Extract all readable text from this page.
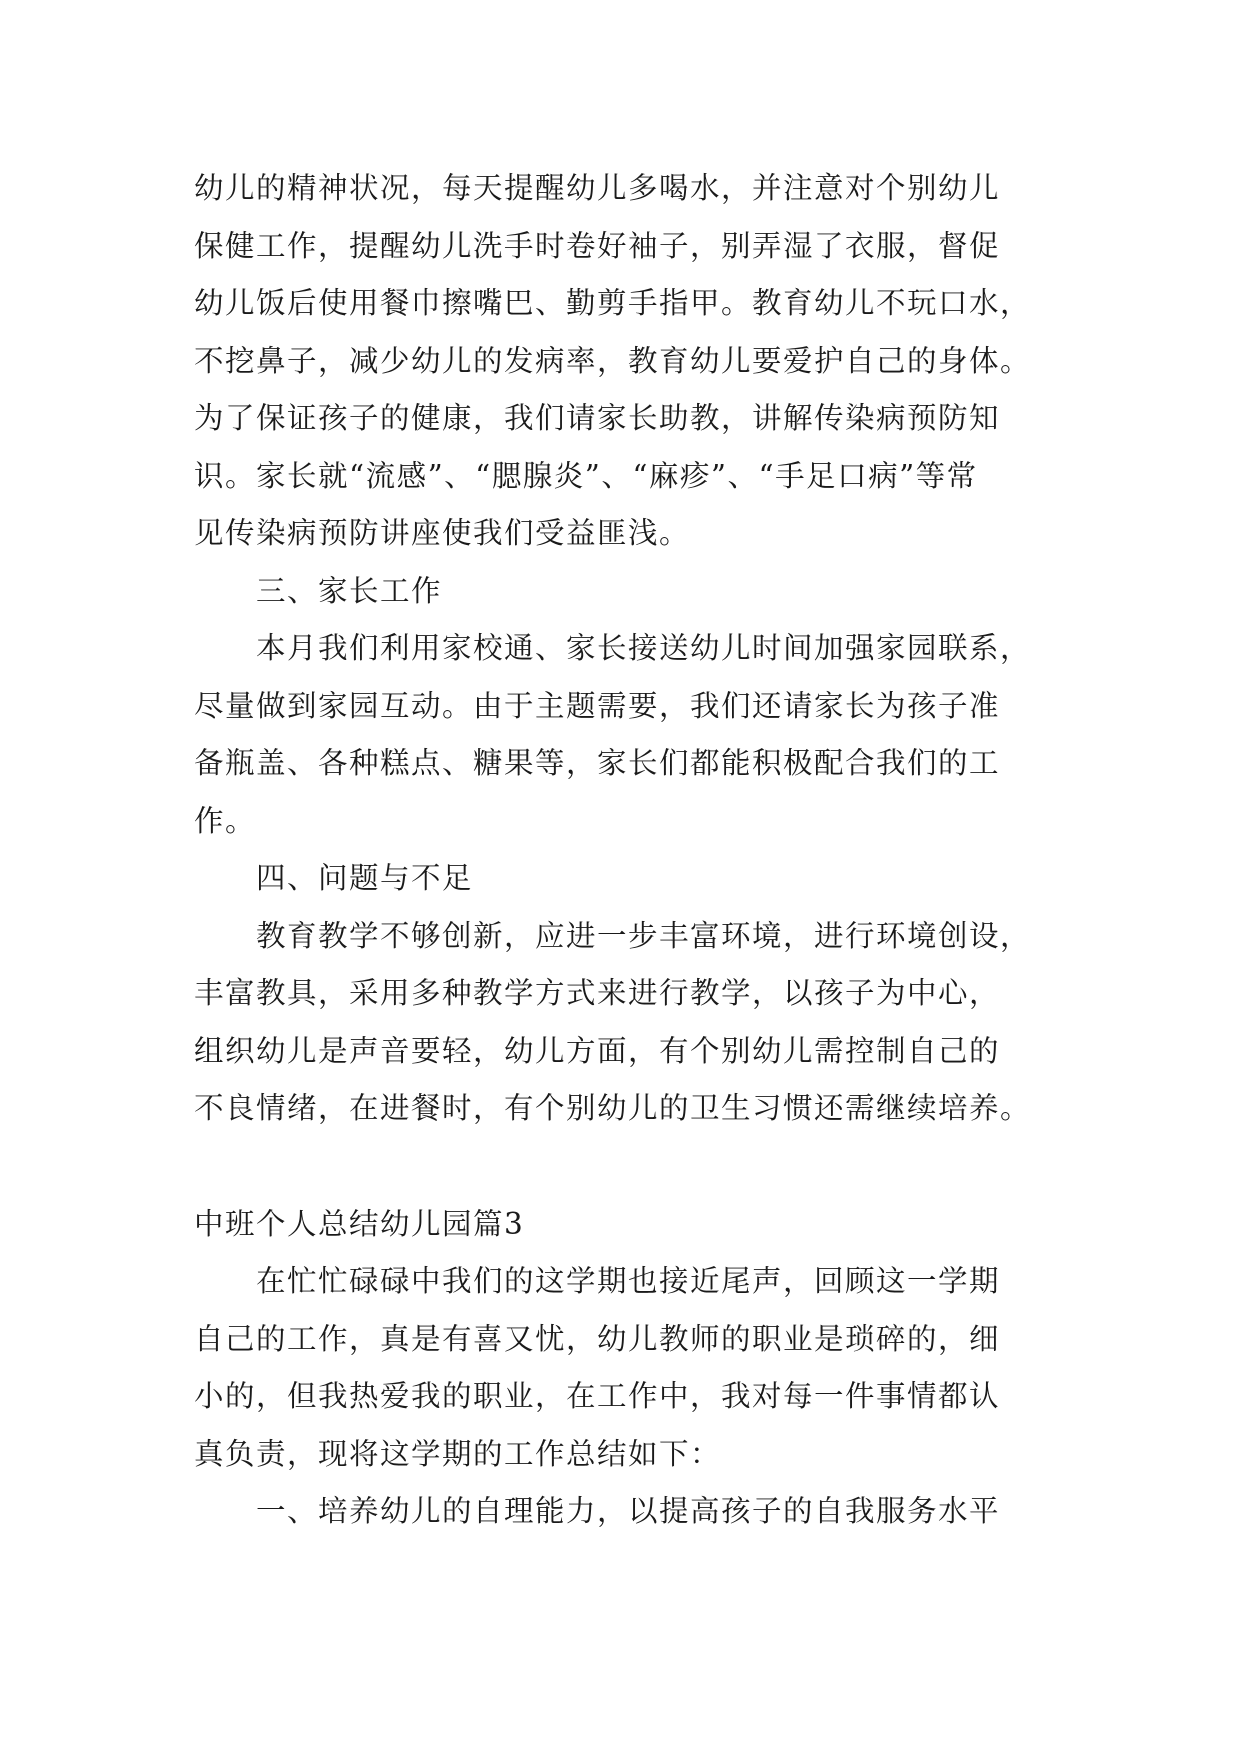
幼儿的精神状况，每天提醒幼儿多喝水，并注意对个别幼儿
保健工作，提醒幼儿洗手时卷好袖子，别弄湿了衣服，督促
幼儿饭后使用餐巾擦嘴巴、勤剪手指甲。教育幼儿不玩口水，
不挖鼻子，减少幼儿的发病率，教育幼儿要爱护自己的身体。
为了保证孩子的健康，我们请家长助教，讲解传染病预防知
识。家长就“流感”、“腮腺炎”、“麻疹”、“手足口病”等常
见传染病预防讲座使我们受益匪浅。
三、家长工作
本月我们利用家校通、家长接送幼儿时间加强家园联系，
尽量做到家园互动。由于主题需要，我们还请家长为孩子准
备瓶盖、各种糕点、糖果等，家长们都能积极配合我们的工
作。
四、问题与不足
教育教学不够创新，应进一步丰富环境，进行环境创设，
丰富教具，采用多种教学方式来进行教学，以孩子为中心，
组织幼儿是声音要轻，幼儿方面，有个别幼儿需控制自己的
不良情绪，在进餐时，有个别幼儿的卫生习惯还需继续培养。
中班个人总结幼儿园篇3
在忙忙碌碌中我们的这学期也接近尾声，回顾这一学期
自己的工作，真是有喜又忧，幼儿教师的职业是琐碎的，细
小的，但我热爱我的职业，在工作中，我对每一件事情都认
真负责，现将这学期的工作总结如下：
一、培养幼儿的自理能力，以提高孩子的自我服务水平
